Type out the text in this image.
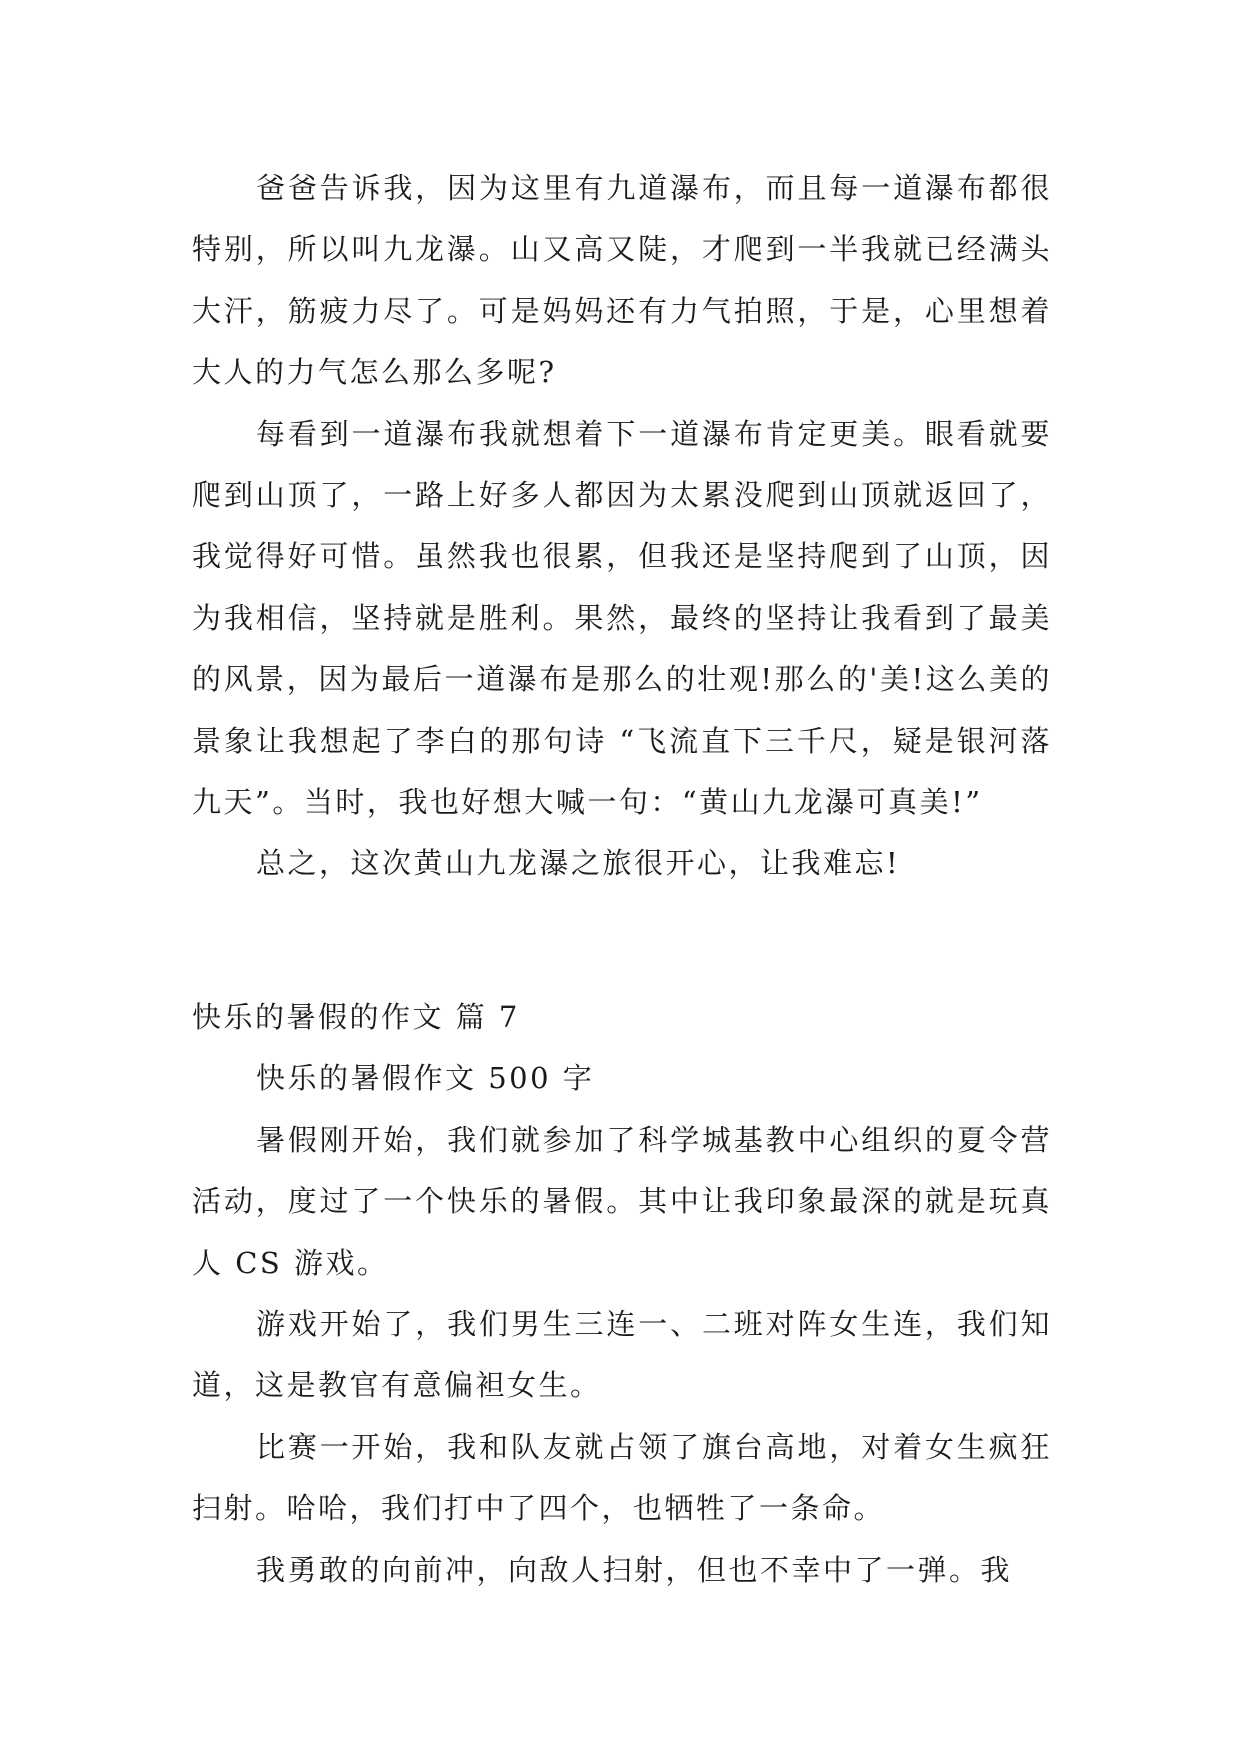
爸爸告诉我，因为这里有九道瀑布，而且每一道瀑布都很特别，所以叫九龙瀑。山又高又陡，才爬到一半我就已经满头大汗，筋疲力尽了。可是妈妈还有力气拍照，于是，心里想着大人的力气怎么那么多呢?

每看到一道瀑布我就想着下一道瀑布肯定更美。眼看就要爬到山顶了，一路上好多人都因为太累没爬到山顶就返回了，我觉得好可惜。虽然我也很累，但我还是坚持爬到了山顶，因为我相信，坚持就是胜利。果然，最终的坚持让我看到了最美的风景，因为最后一道瀑布是那么的壮观!那么的'美!这么美的景象让我想起了李白的那句诗 “飞流直下三千尺，疑是银河落九天”。当时，我也好想大喊一句：“黄山九龙瀑可真美!”

总之，这次黄山九龙瀑之旅很开心，让我难忘!

快乐的暑假的作文 篇 7

快乐的暑假作文 500 字

暑假刚开始，我们就参加了科学城基教中心组织的夏令营活动，度过了一个快乐的暑假。其中让我印象最深的就是玩真人 CS 游戏。

游戏开始了，我们男生三连一、二班对阵女生连，我们知道，这是教官有意偏袒女生。

比赛一开始，我和队友就占领了旗台高地，对着女生疯狂扫射。哈哈，我们打中了四个，也牺牲了一条命。

我勇敢的向前冲，向敌人扫射，但也不幸中了一弹。我
